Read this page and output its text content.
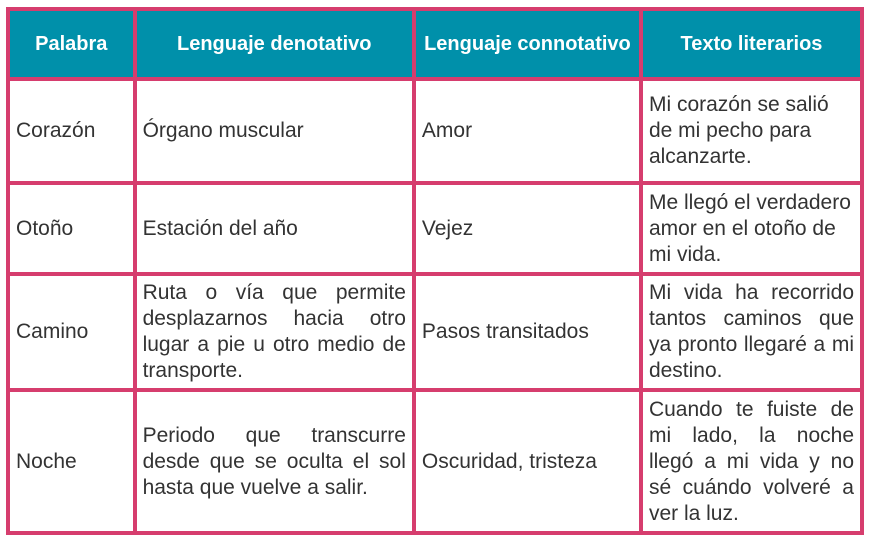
Palabra	Lenguaje denotativo	Lenguaje connotativo	Texto literarios
Corazón	Órgano muscular	Amor	Mi corazón se salió de mi pecho para alcanzarte.
Otoño	Estación del año	Vejez	Me llegó el verdadero amor en el otoño de mi vida.
Camino	Ruta o vía que permite desplazarnos hacia otro lugar a pie u otro medio de transporte.	Pasos transitados	Mi vida ha recorrido tantos caminos que ya pronto llegaré a mi destino.
Noche	Periodo que transcurre desde que se oculta el sol hasta que vuelve a salir.	Oscuridad, tristeza	Cuando te fuiste de mi lado, la noche llegó a mi vida y no sé cuándo volveré a ver la luz.
